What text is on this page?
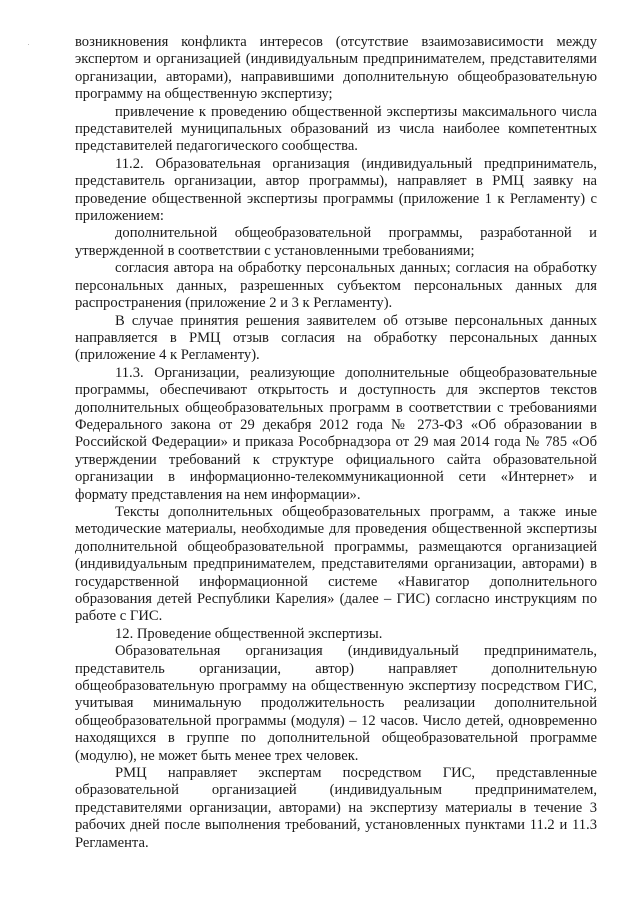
возникновения конфликта интересов (отсутствие взаимозависимости между экспертом и организацией (индивидуальным предпринимателем, представителями организации, авторами), направившими дополнительную общеобразовательную программу на общественную экспертизу;

привлечение к проведению общественной экспертизы максимального числа представителей муниципальных образований из числа наиболее компетентных представителей педагогического сообщества.

11.2. Образовательная организация (индивидуальный предприниматель, представитель организации, автор программы), направляет в РМЦ заявку на проведение общественной экспертизы программы (приложение 1 к Регламенту) с приложением:

дополнительной общеобразовательной программы, разработанной и утвержденной в соответствии с установленными требованиями;

согласия автора на обработку персональных данных; согласия на обработку персональных данных, разрешенных субъектом персональных данных для распространения (приложение 2 и 3 к Регламенту).

В случае принятия решения заявителем об отзыве персональных данных направляется в РМЦ отзыв согласия на обработку персональных данных (приложение 4 к Регламенту).

11.3. Организации, реализующие дополнительные общеобразовательные программы, обеспечивают открытость и доступность для экспертов текстов дополнительных общеобразовательных программ в соответствии с требованиями Федерального закона от 29 декабря 2012 года № 273-ФЗ «Об образовании в Российской Федерации» и приказа Рособрнадзора от 29 мая 2014 года № 785 «Об утверждении требований к структуре официального сайта образовательной организации в информационно-телекоммуникационной сети «Интернет» и формату представления на нем информации».

Тексты дополнительных общеобразовательных программ, а также иные методические материалы, необходимые для проведения общественной экспертизы дополнительной общеобразовательной программы, размещаются организацией (индивидуальным предпринимателем, представителями организации, авторами) в государственной информационной системе «Навигатор дополнительного образования детей Республики Карелия» (далее – ГИС) согласно инструкциям по работе с ГИС.

12. Проведение общественной экспертизы.

Образовательная организация (индивидуальный предприниматель, представитель организации, автор) направляет дополнительную общеобразовательную программу на общественную экспертизу посредством ГИС, учитывая минимальную продолжительность реализации дополнительной общеобразовательной программы (модуля) – 12 часов. Число детей, одновременно находящихся в группе по дополнительной общеобразовательной программе (модулю), не может быть менее трех человек.

РМЦ направляет экспертам посредством ГИС, представленные образовательной организацией (индивидуальным предпринимателем, представителями организации, авторами) на экспертизу материалы в течение 3 рабочих дней после выполнения требований, установленных пунктами 11.2 и 11.3 Регламента.
